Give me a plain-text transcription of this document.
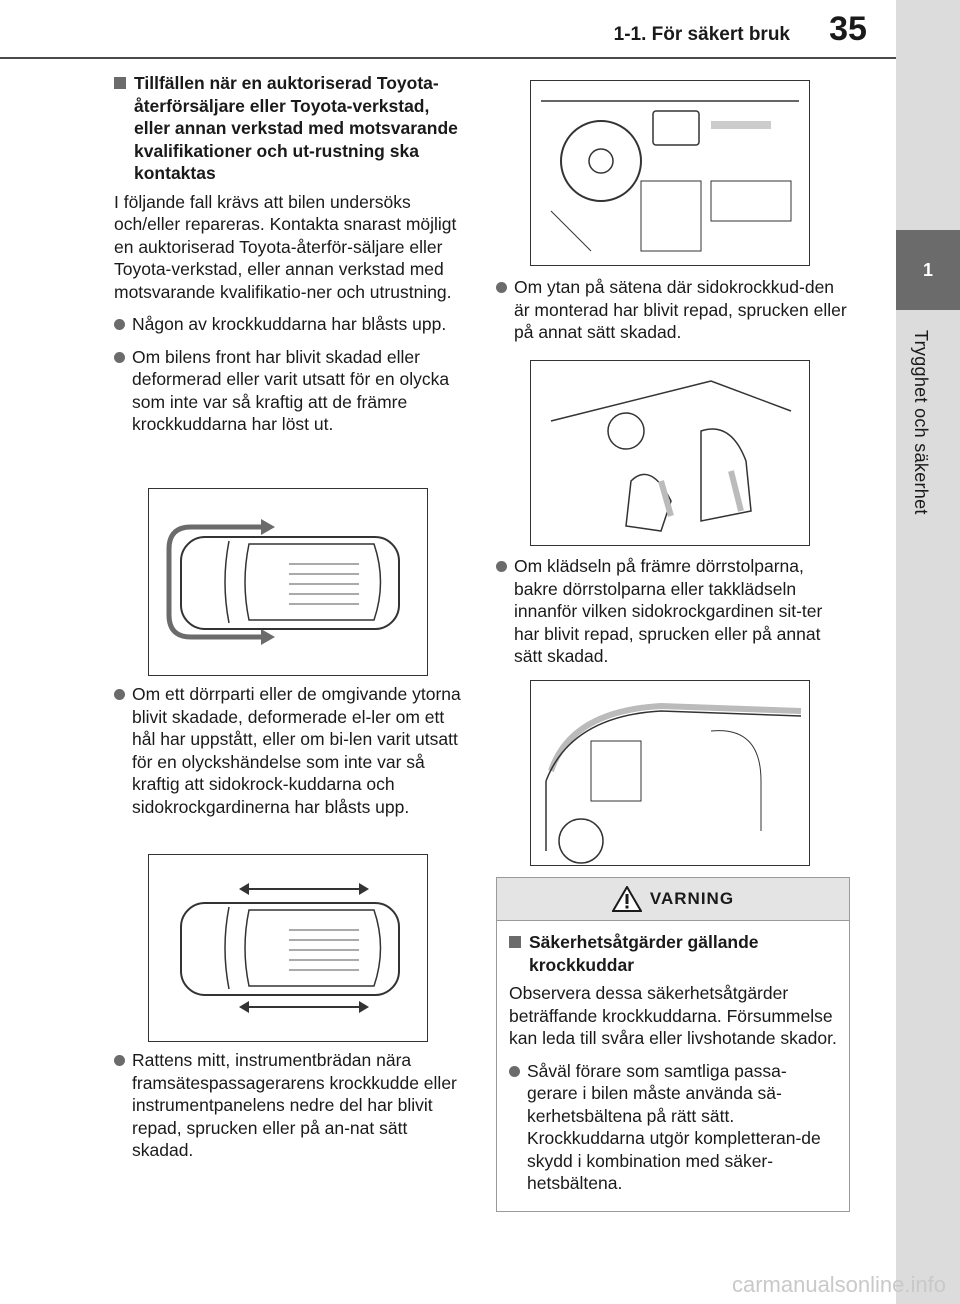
1-1. För säkert bruk	35
1
Trygghet och säkerhet
Tillfällen när en auktoriserad Toyota-återförsäljare eller Toyota-verkstad, eller annan verkstad med motsvarande kvalifikationer och ut-rustning ska kontaktas

I följande fall krävs att bilen undersöks och/eller repareras. Kontakta snarast möjligt en auktoriserad Toyota-återför-säljare eller Toyota-verkstad, eller annan verkstad med motsvarande kvalifikatio-ner och utrustning.

Någon av krockkuddarna har blåsts upp.
Om bilens front har blivit skadad eller deformerad eller varit utsatt för en olycka som inte var så kraftig att de främre krockkuddarna har löst ut.
Om ett dörrparti eller de omgivande ytorna blivit skadade, deformerade el-ler om ett hål har uppstått, eller om bi-len varit utsatt för en olyckshändelse som inte var så kraftig att sidokrock-kuddarna och sidokrockgardinerna har blåsts upp.
Rattens mitt, instrumentbrädan nära framsätespassagerarens krockkudde eller instrumentpanelens nedre del har blivit repad, sprucken eller på an-nat sätt skadad.
Om ytan på sätena där sidokrockkud-den är monterad har blivit repad, sprucken eller på annat sätt skadad.
Om klädseln på främre dörrstolparna, bakre dörrstolparna eller takklädseln innanför vilken sidokrockgardinen sit-ter har blivit repad, sprucken eller på annat sätt skadad.
VARNING
Säkerhetsåtgärder gällande krockkuddar

Observera dessa säkerhetsåtgärder beträffande krockkuddarna. Försummelse kan leda till svåra eller livshotande skador.

Såväl förare som samtliga passa-gerare i bilen måste använda sä-kerhetsbältena på rätt sätt. Krockkuddarna utgör kompletteran-de skydd i kombination med säker-hetsbältena.
carmanualsonline.info
